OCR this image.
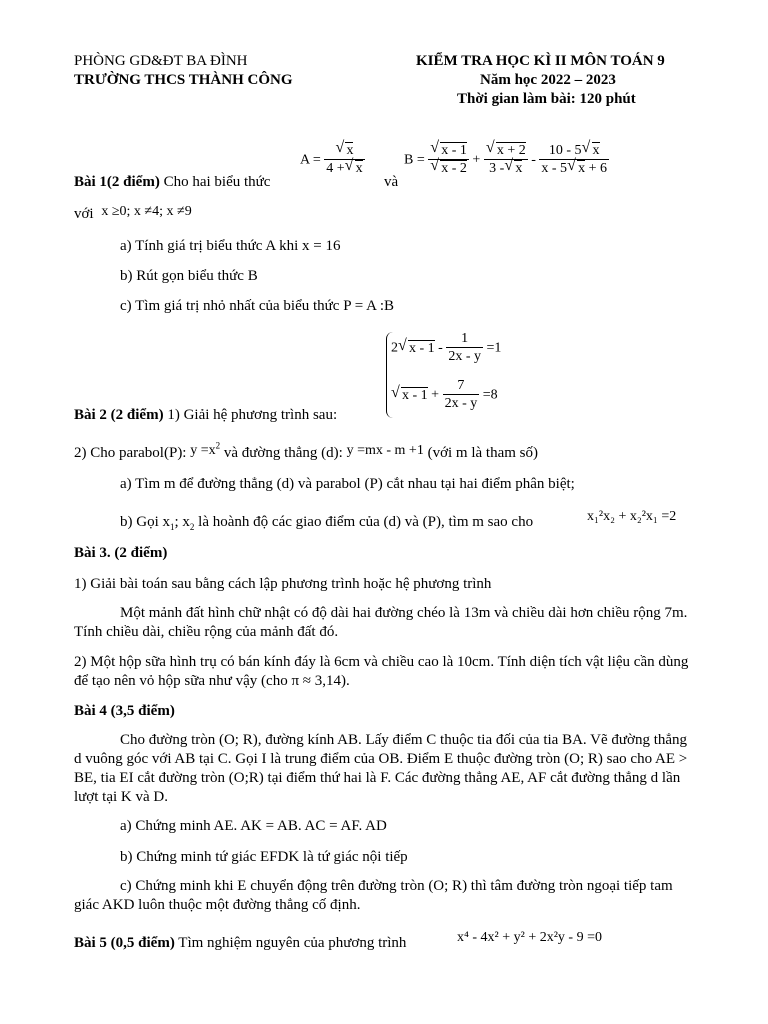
PHÒNG GD&ĐT BA ĐÌNH
TRƯỜNG THCS THÀNH CÔNG
KIỂM TRA HỌC KÌ II MÔN TOÁN 9
Năm học 2022 – 2023
Thời gian làm bài: 120 phút
Bài 1(2 điểm) Cho hai biểu thức
A = √ $\frac{x}{4 + √ x}$
và
B = √ x - 1
√ x - 2 + √ $\frac{x + 2}{3 - √ x} - \frac{10 - 5 √ x}{x - 5 √ x + 6}$
với x ≥0; x ≠4; x ≠9
a) Tính giá trị biểu thức A khi x = 16
b) Rút gọn biểu thức B
c) Tìm giá trị nhỏ nhất của biểu thức P = A :B
2 √ $x - 1 - \frac{1}{2x - y} =1$
√ $x - 1 + \frac{7}{2x - y} =8$
Bài 2 (2 điểm) 1) Giải hệ phương trình sau:
2) Cho parabol(P): $y =x^2$ và đường thẳng (d): y =mx - m +1 (với m là tham số)
a) Tìm m để đường thẳng (d) và parabol (P) cắt nhau tại hai điểm phân biệt;
b) Gọi $x_1$; $x_2$ là hoành độ các giao điểm của (d) và (P), tìm m sao cho	x₁²x₂ + x₂²x₁ =2
Bài 3. (2 điểm)
1) Giải bài toán sau bằng cách lập phương trình hoặc hệ phương trình
Một mảnh đất hình chữ nhật có độ dài hai đường chéo là 13m và chiều dài hơn chiều rộng 7m. Tính chiều dài, chiều rộng của mảnh đất đó.
2) Một hộp sữa hình trụ có bán kính đáy là 6cm và chiều cao là 10cm. Tính diện tích vật liệu cần dùng để tạo nên vỏ hộp sữa như vậy (cho π ≈ 3,14).
Bài 4 (3,5 điểm)
Cho đường tròn (O; R), đường kính AB. Lấy điểm C thuộc tia đối của tia BA. Vẽ đường thẳng d vuông góc với AB tại C. Gọi I là trung điểm của OB. Điểm E thuộc đường tròn (O; R) sao cho AE > BE, tia EI cắt đường tròn (O;R) tại điểm thứ hai là F. Các đường thẳng AE, AF cắt đường thẳng d lần lượt tại K và D.
a) Chứng minh AE. AK = AB. AC = AF. AD
b) Chứng minh tứ giác EFDK là tứ giác nội tiếp
c) Chứng minh khi E chuyển động trên đường tròn (O; R) thì tâm đường tròn ngoại tiếp tam giác AKD luôn thuộc một đường thẳng cố định.
Bài 5 (0,5 điểm) Tìm nghiệm nguyên của phương trình	x⁴ - 4x² + y² + 2x²y - 9 =0
